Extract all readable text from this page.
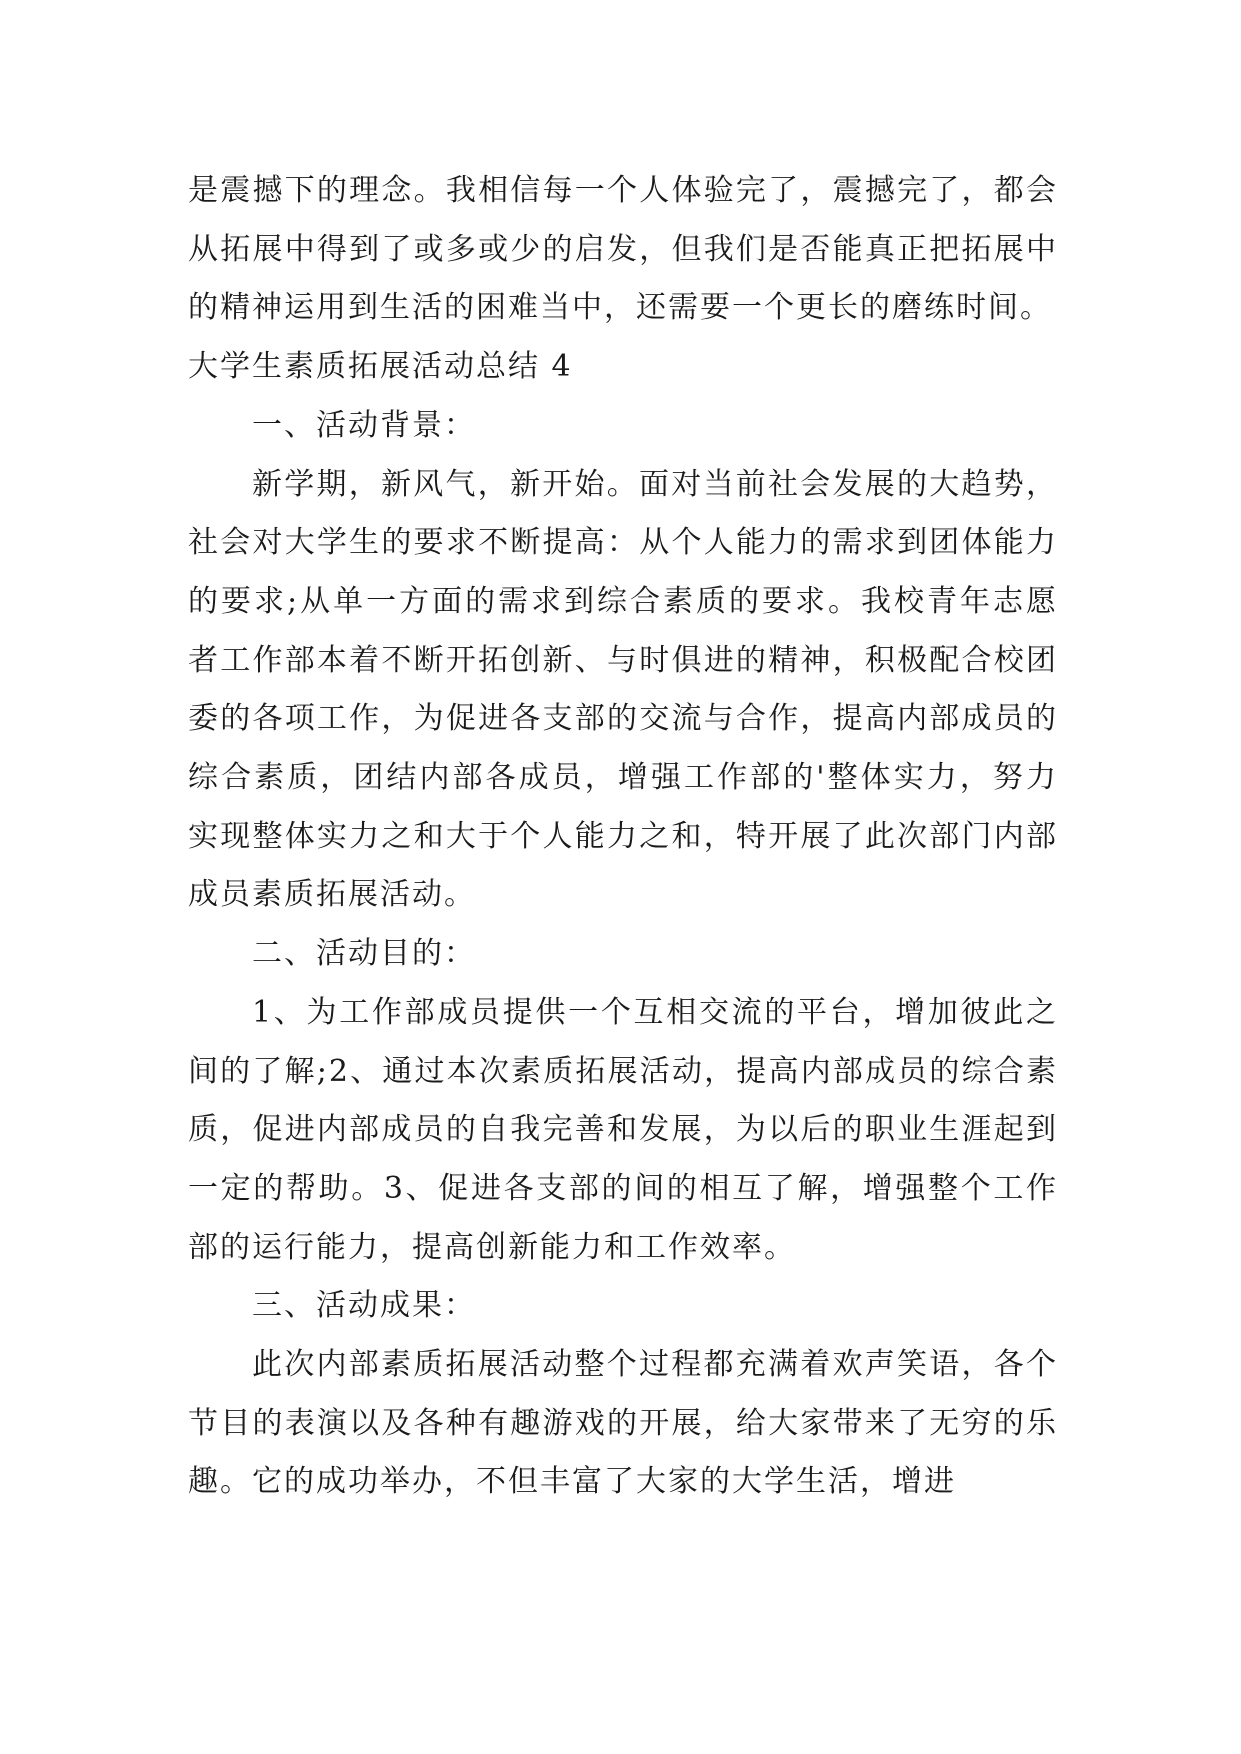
是震撼下的理念。我相信每一个人体验完了，震撼完了，都会从拓展中得到了或多或少的启发，但我们是否能真正把拓展中的精神运用到生活的困难当中，还需要一个更长的磨练时间。

大学生素质拓展活动总结 4

一、活动背景：

新学期，新风气，新开始。面对当前社会发展的大趋势，社会对大学生的要求不断提高：从个人能力的需求到团体能力的要求;从单一方面的需求到综合素质的要求。我校青年志愿者工作部本着不断开拓创新、与时俱进的精神，积极配合校团委的各项工作，为促进各支部的交流与合作，提高内部成员的综合素质，团结内部各成员，增强工作部的'整体实力，努力实现整体实力之和大于个人能力之和，特开展了此次部门内部成员素质拓展活动。

二、活动目的：

1、为工作部成员提供一个互相交流的平台，增加彼此之间的了解;2、通过本次素质拓展活动，提高内部成员的综合素质，促进内部成员的自我完善和发展，为以后的职业生涯起到一定的帮助。3、促进各支部的间的相互了解，增强整个工作部的运行能力，提高创新能力和工作效率。

三、活动成果：

此次内部素质拓展活动整个过程都充满着欢声笑语，各个节目的表演以及各种有趣游戏的开展，给大家带来了无穷的乐趣。它的成功举办，不但丰富了大家的大学生活，增进
